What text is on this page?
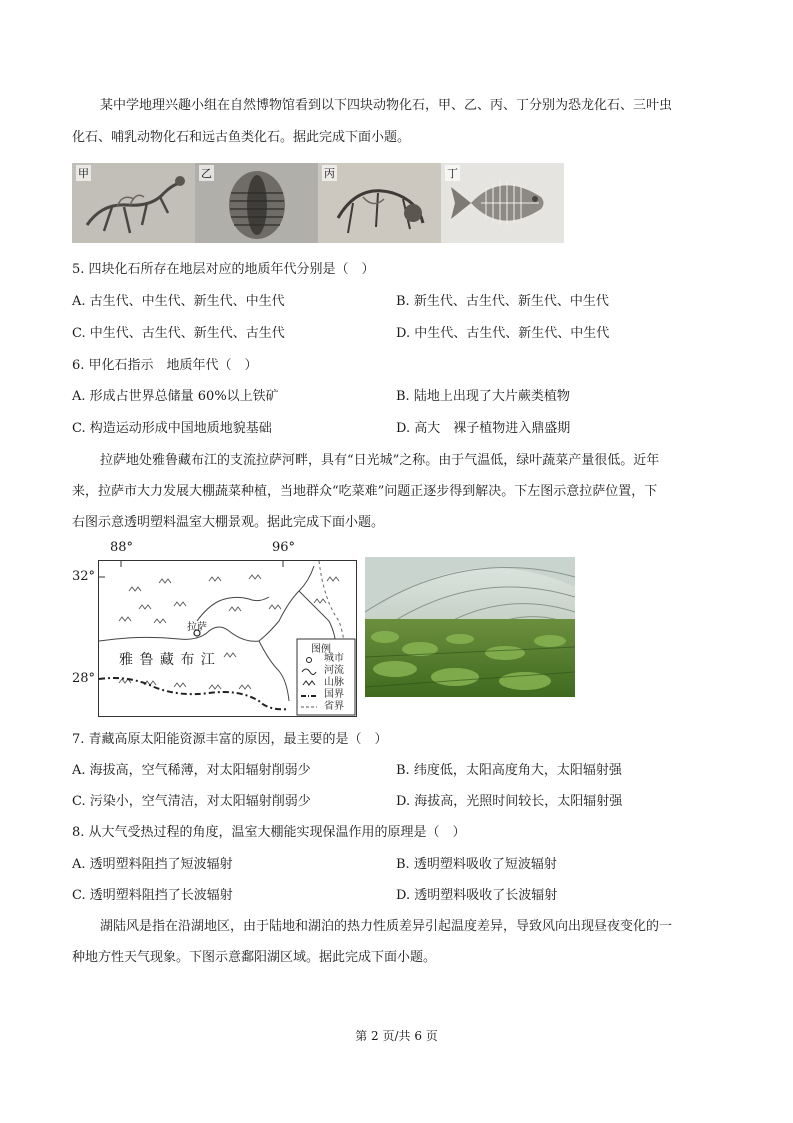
某中学地理兴趣小组在自然博物馆看到以下四块动物化石，甲、乙、丙、丁分别为恐龙化石、三叶虫
化石、哺乳动物化石和远古鱼类化石。据此完成下面小题。
甲	乙	丙	丁
5. 四块化石所存在地层对应的地质年代分别是（　）
A. 古生代、中生代、新生代、中生代	B. 新生代、古生代、新生代、中生代
C. 中生代、古生代、新生代、古生代	D. 中生代、古生代、新生代、中生代
6. 甲化石指示　地质年代（　）
A. 形成占世界总储量 60%以上铁矿	B. 陆地上出现了大片蕨类植物
C. 构造运动形成中国地质地貌基础	D. 高大　裸子植物进入鼎盛期
拉萨地处雅鲁藏布江的支流拉萨河畔，具有“日光城”之称。由于气温低，绿叶蔬菜产量很低。近年
来，拉萨市大力发展大棚蔬菜种植，当地群众“吃菜难”问题正逐步得到解决。下左图示意拉萨位置，下
右图示意透明塑料温室大棚景观。据此完成下面小题。
88°	96°
32°
28°
拉萨
雅 鲁 藏 布 江
图例
城市
河流
山脉
国界
省界
7. 青藏高原太阳能资源丰富的原因，最主要的是（　）
A. 海拔高，空气稀薄，对太阳辐射削弱少	B. 纬度低，太阳高度角大，太阳辐射强
C. 污染小，空气清洁，对太阳辐射削弱少	D. 海拔高，光照时间较长，太阳辐射强
8. 从大气受热过程的角度，温室大棚能实现保温作用的原理是（　）
A. 透明塑料阻挡了短波辐射	B. 透明塑料吸收了短波辐射
C. 透明塑料阻挡了长波辐射	D. 透明塑料吸收了长波辐射
湖陆风是指在沿湖地区，由于陆地和湖泊的热力性质差异引起温度差异，导致风向出现昼夜变化的一
种地方性天气现象。下图示意鄱阳湖区域。据此完成下面小题。
第 2 页/共 6 页
